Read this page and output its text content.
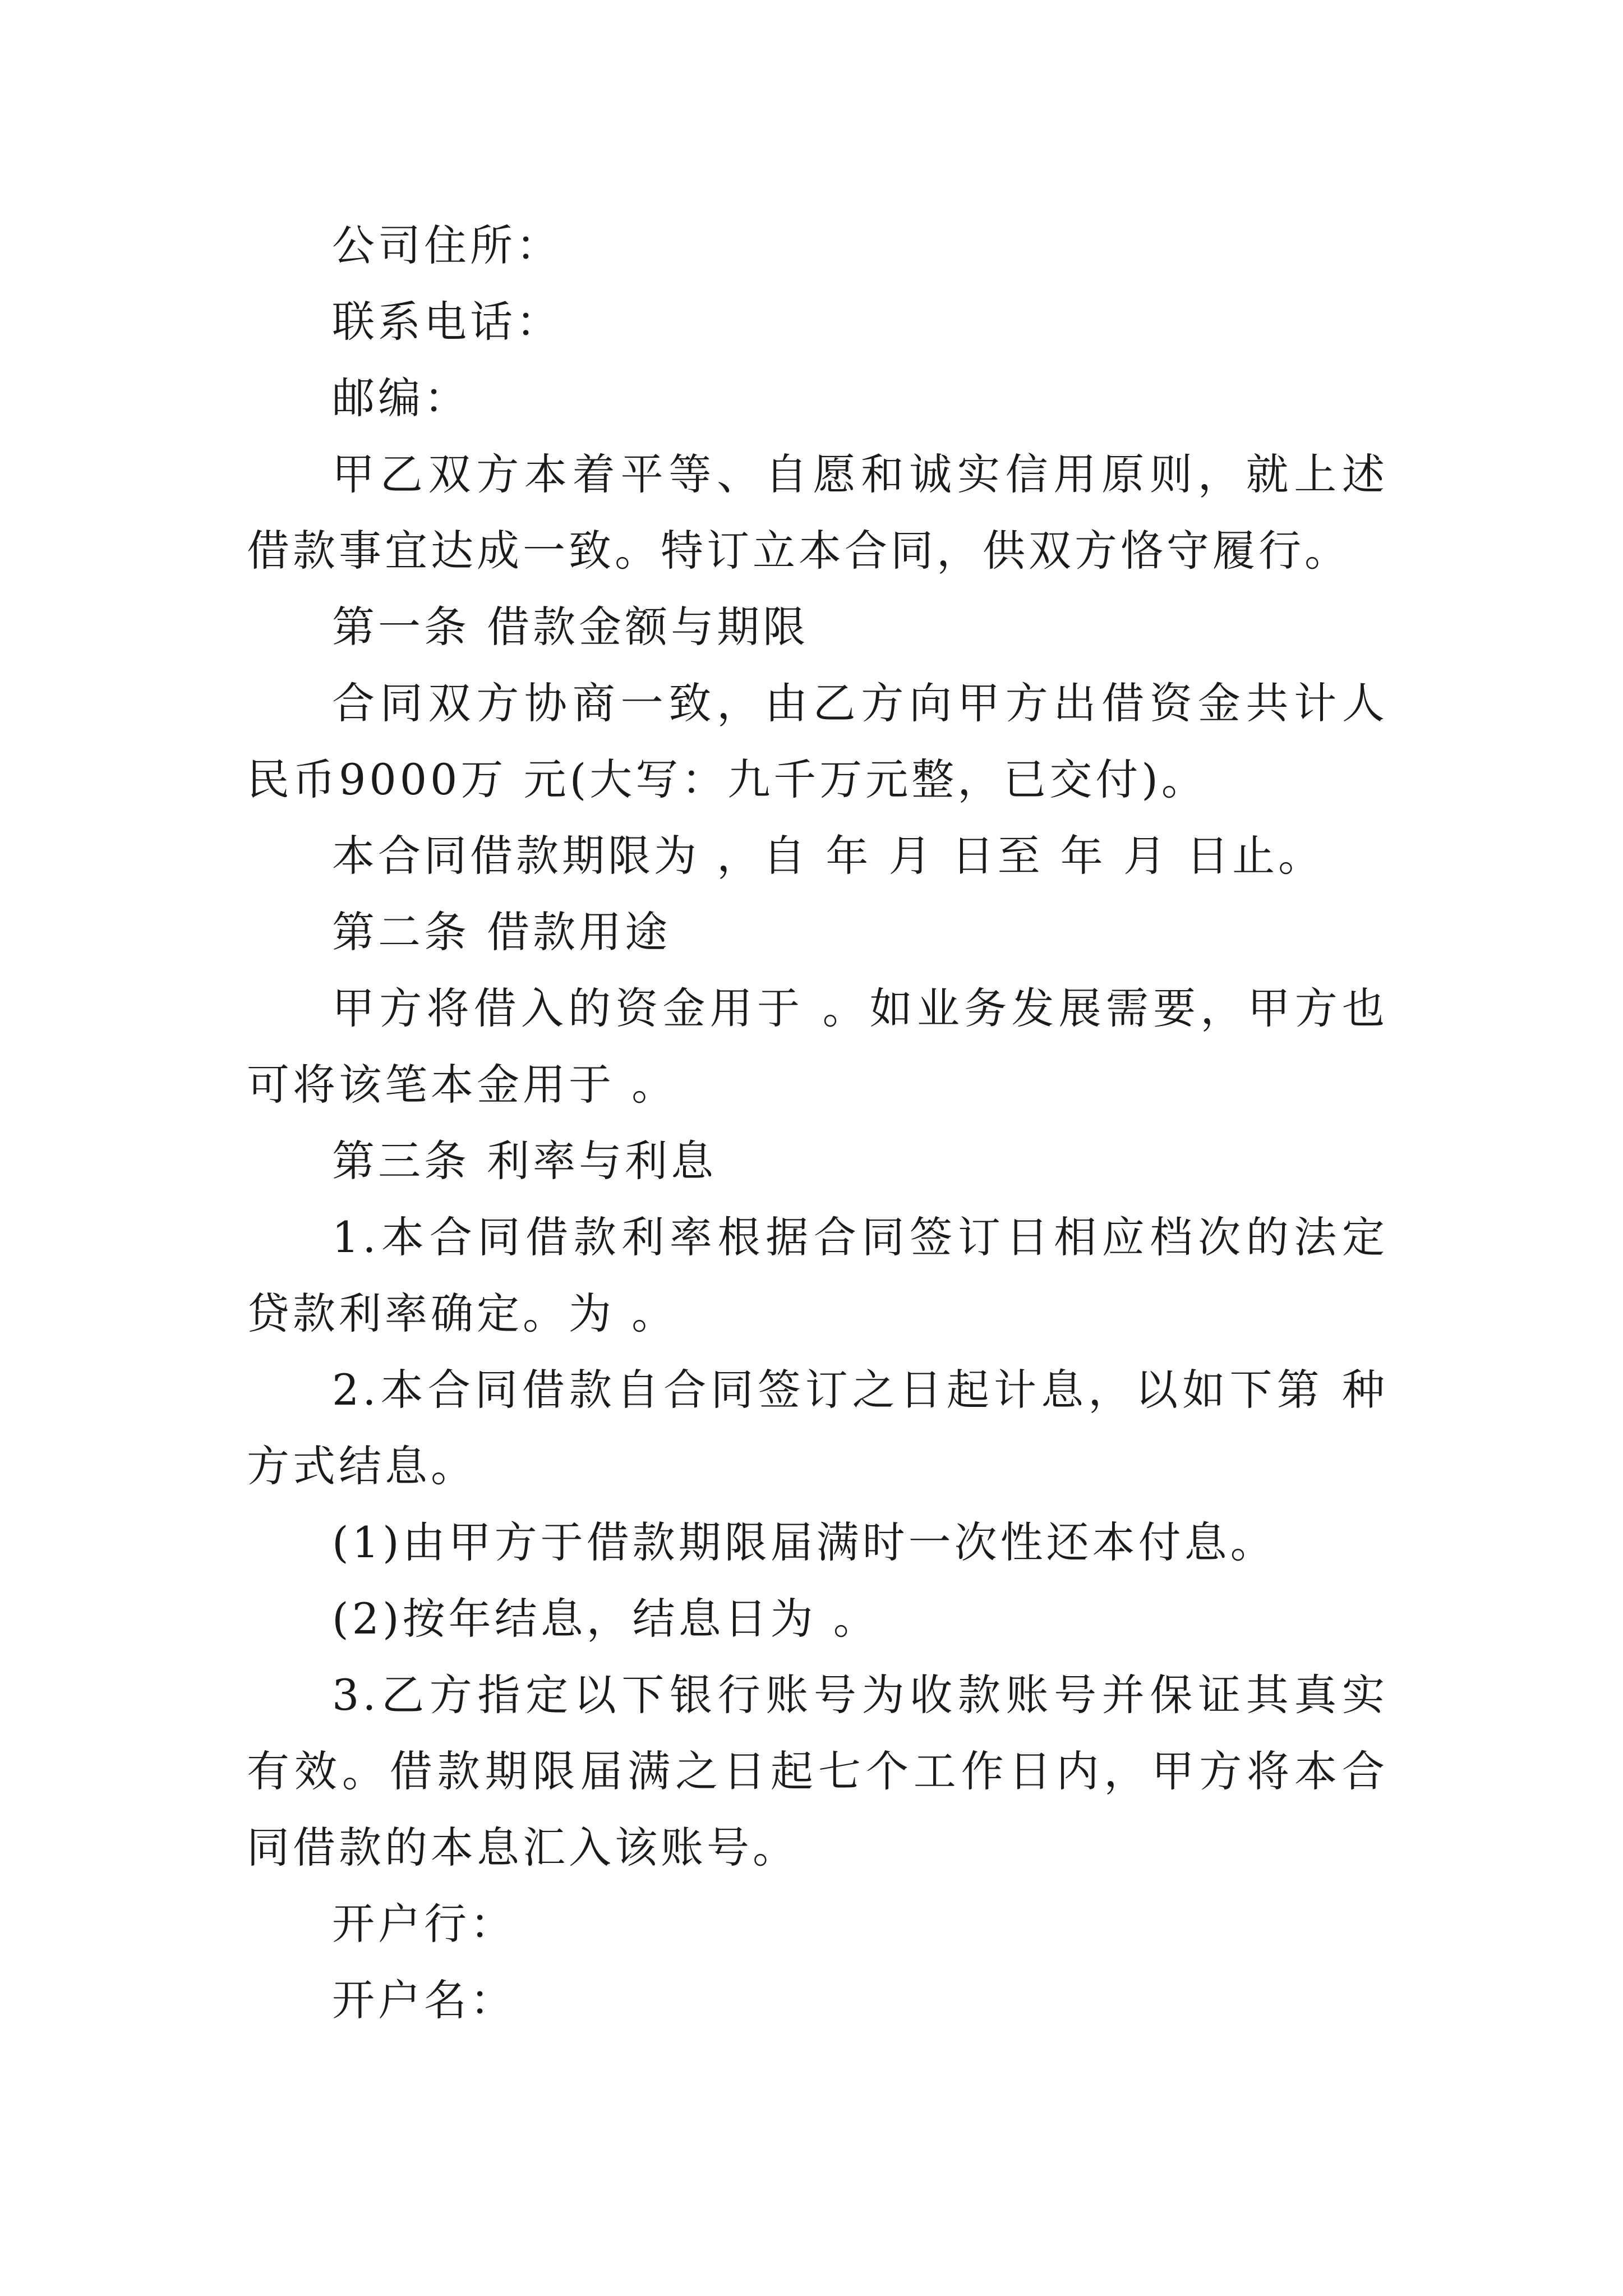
公司住所：

联系电话：

邮编：

甲乙双方本着平等、自愿和诚实信用原则，就上述借款事宜达成一致。特订立本合同，供双方恪守履行。

第一条 借款金额与期限

合同双方协商一致，由乙方向甲方出借资金共计人民币9000万 元(大写：九千万元整，已交付)。

本合同借款期限为 ，自 年 月 日至 年 月 日止。

第二条 借款用途

甲方将借入的资金用于 。如业务发展需要，甲方也可将该笔本金用于 。

第三条 利率与利息

1.本合同借款利率根据合同签订日相应档次的法定贷款利率确定。为 。

2.本合同借款自合同签订之日起计息，以如下第 种方式结息。

(1)由甲方于借款期限届满时一次性还本付息。

(2)按年结息，结息日为 。

3.乙方指定以下银行账号为收款账号并保证其真实有效。借款期限届满之日起七个工作日内，甲方将本合同借款的本息汇入该账号。

开户行：

开户名：
